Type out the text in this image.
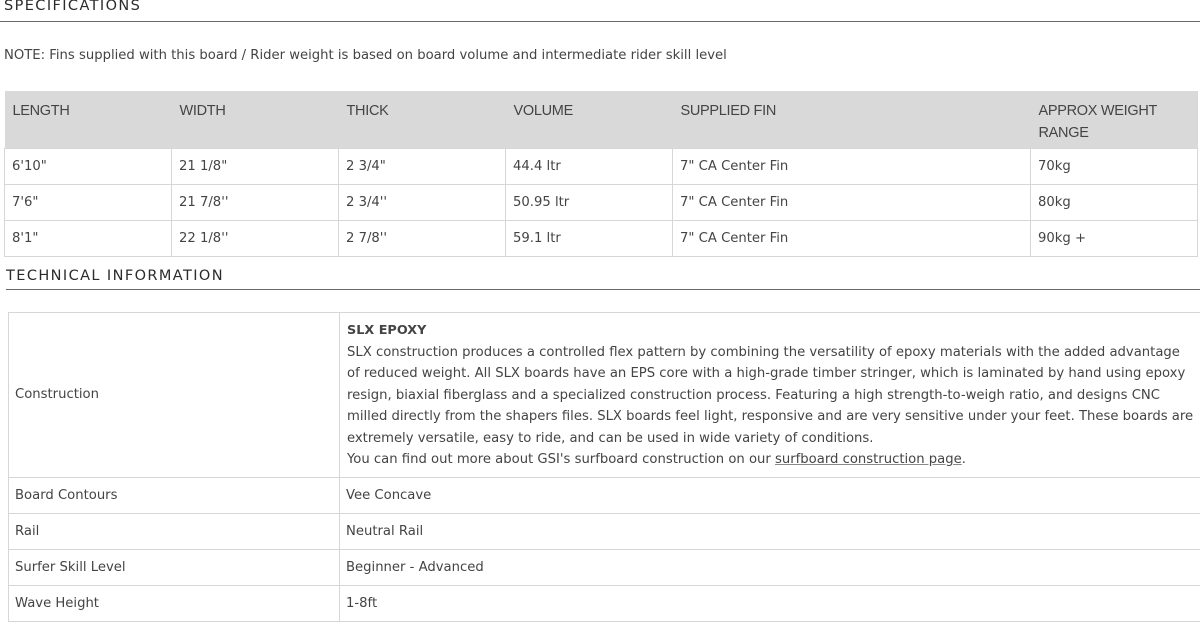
SPECIFICATIONS
NOTE: Fins supplied with this board / Rider weight is based on board volume and intermediate rider skill level
LENGTH	WIDTH	THICK	VOLUME	SUPPLIED FIN	APPROX WEIGHT RANGE
6'10"	21 1/8"	2 3/4"	44.4 ltr	7" CA Center Fin	70kg
7'6"	21 7/8''	2 3/4''	50.95 ltr	7" CA Center Fin	80kg
8'1"	22 1/8''	2 7/8''	59.1 ltr	7" CA Center Fin	90kg +
TECHNICAL INFORMATION
Construction	SLX EPOXY
SLX construction produces a controlled flex pattern by combining the versatility of epoxy materials with the added advantage of reduced weight. All SLX boards have an EPS core with a high-grade timber stringer, which is laminated by hand using epoxy resign, biaxial fiberglass and a specialized construction process. Featuring a high strength-to-weigh ratio, and designs CNC milled directly from the shapers files. SLX boards feel light, responsive and are very sensitive under your feet. These boards are extremely versatile, easy to ride, and can be used in wide variety of conditions.
You can find out more about GSI's surfboard construction on our surfboard construction page.
Board Contours	Vee Concave
Rail	Neutral Rail
Surfer Skill Level	Beginner - Advanced
Wave Height	1-8ft
